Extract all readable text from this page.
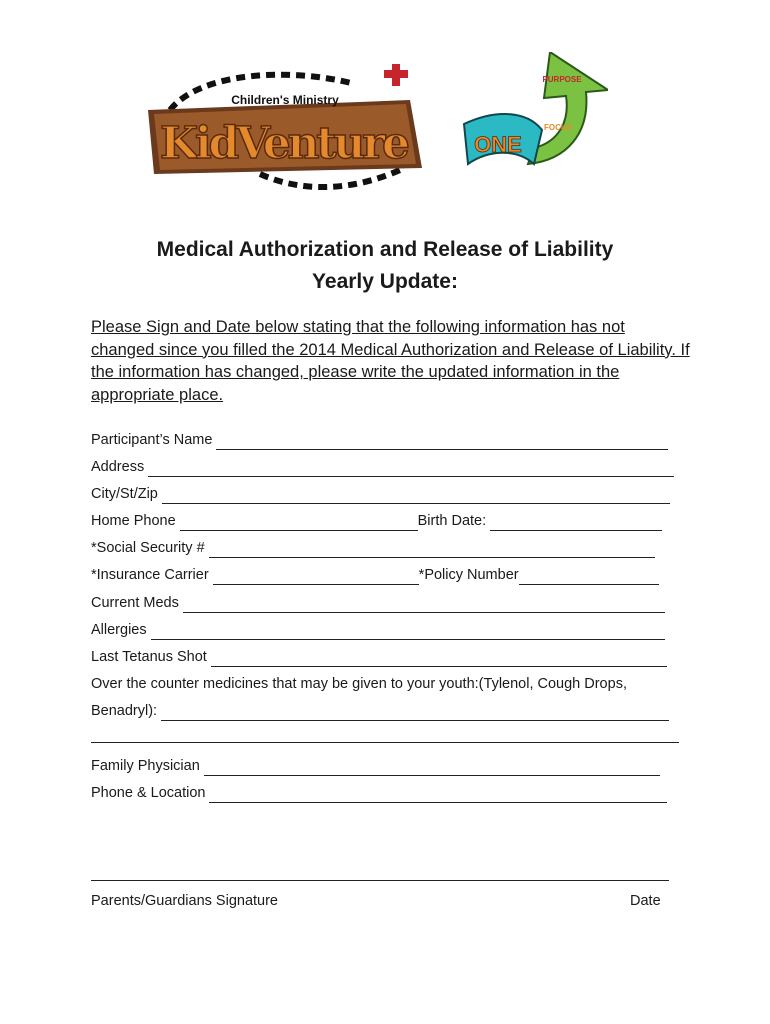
Children's Ministry
KidVenture	ONE
PURPOSE
FOCUS
Medical Authorization and Release of Liability
Yearly Update:
Please Sign and Date below stating that the following information has not changed since you filled the 2014 Medical Authorization and Release of Liability. If the information has changed, please write the updated information in the appropriate place.
Participant’s Name
Address
City/St/Zip
Home Phone	Birth Date:
*Social Security #
*Insurance Carrier	*Policy Number
Current Meds
Allergies
Last Tetanus Shot
Over the counter medicines that may be given to your youth:(Tylenol, Cough Drops,
Benadryl):
Family Physician
Phone & Location
Parents/Guardians Signature	Date
